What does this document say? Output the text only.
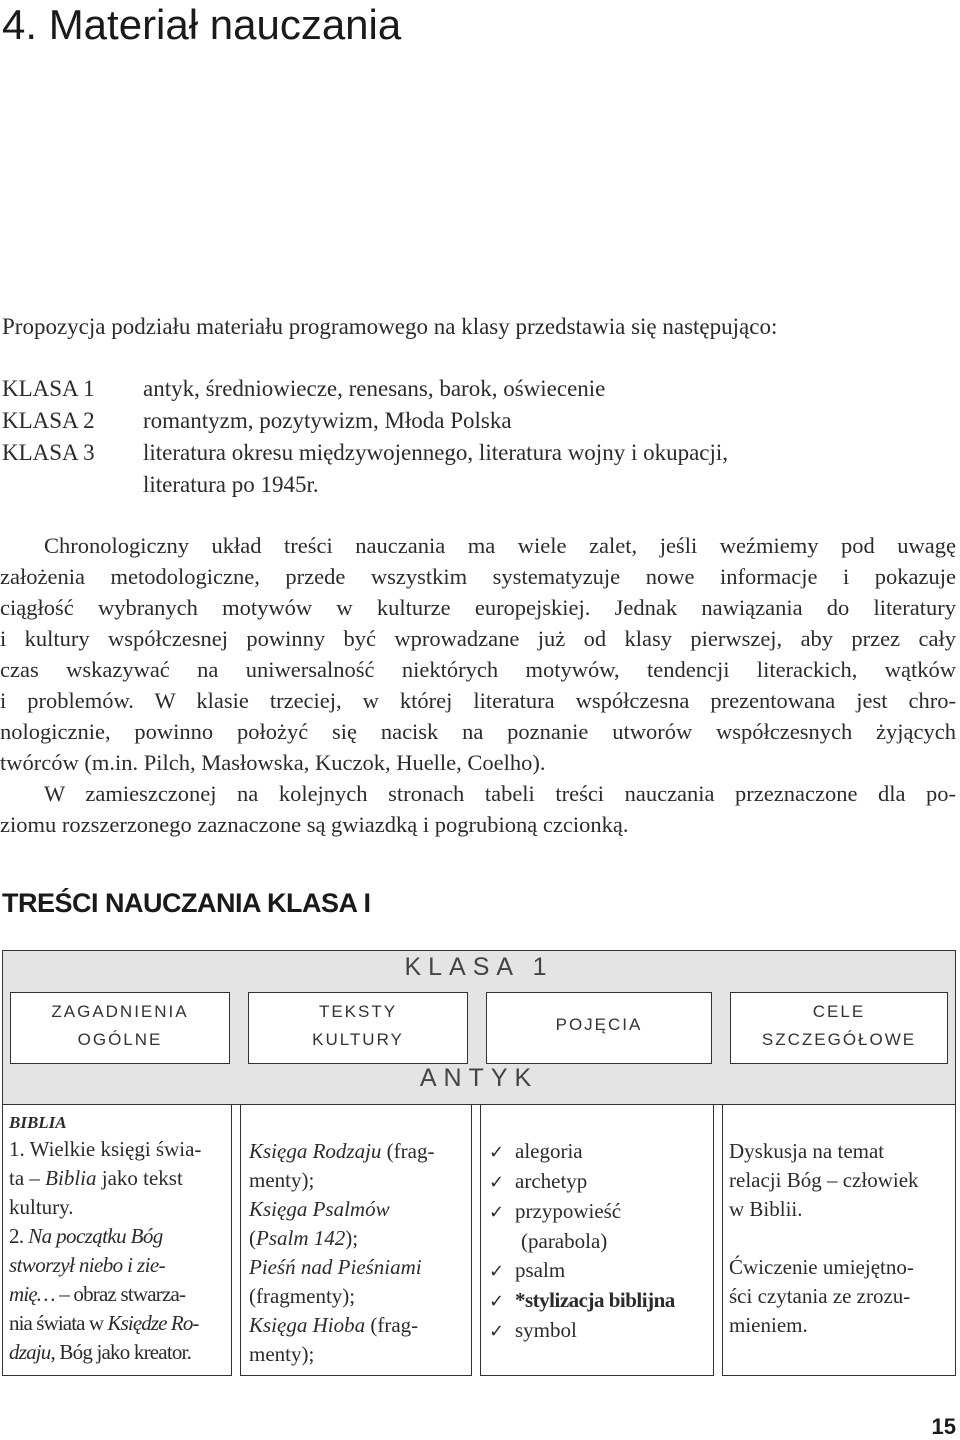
4. Materiał nauczania
Propozycja podziału materiału programowego na klasy przedstawia się następująco:
KLASA 1 antyk, średniowiecze, renesans, barok, oświecenie
KLASA 2 romantyzm, pozytywizm, Młoda Polska
KLASA 3 literatura okresu międzywojennego, literatura wojny i okupacji,
literatura po 1945r.
Chronologiczny układ treści nauczania ma wiele zalet, jeśli weźmiemy pod uwagę
założenia metodologiczne, przede wszystkim systematyzuje nowe informacje i pokazuje
ciągłość wybranych motywów w kulturze europejskiej. Jednak nawiązania do literatury
i kultury współczesnej powinny być wprowadzane już od klasy pierwszej, aby przez cały
czas wskazywać na uniwersalność niektórych motywów, tendencji literackich, wątków
i problemów. W klasie trzeciej, w której literatura współczesna prezentowana jest chro-
nologicznie, powinno położyć się nacisk na poznanie utworów współczesnych żyjących
twórców (m.in. Pilch, Masłowska, Kuczok, Huelle, Coelho).
W zamieszczonej na kolejnych stronach tabeli treści nauczania przeznaczone dla po-
ziomu rozszerzonego zaznaczone są gwiazdką i pogrubioną czcionką.
TREŚCI NAUCZANIA KLASA I
KLASA 1
ZAGADNIENIA
OGÓLNE
TEKSTY
KULTURY
POJĘCIA
CELE
SZCZEGÓŁOWE
ANTYK
BIBLIA
1. Wielkie księgi świa-
ta – Biblia jako tekst
kultury.
2. Na początku Bóg
stworzył niebo i zie-
mię… – obraz stwarza-
nia świata w Księdze Ro-
dzaju, Bóg jako kreator.
Księga Rodzaju (frag-
menty);
Księga Psalmów
(Psalm 142);
Pieśń nad Pieśniami
(fragmenty);
Księga Hioba (frag-
menty);
✓ alegoria
✓ archetyp
✓ przypowieść
(parabola)
✓ psalm
✓ *stylizacja biblijna
✓ symbol
Dyskusja na temat
relacji Bóg – człowiek
w Biblii.
Ćwiczenie umiejętno-
ści czytania ze zrozu-
mieniem.
15
